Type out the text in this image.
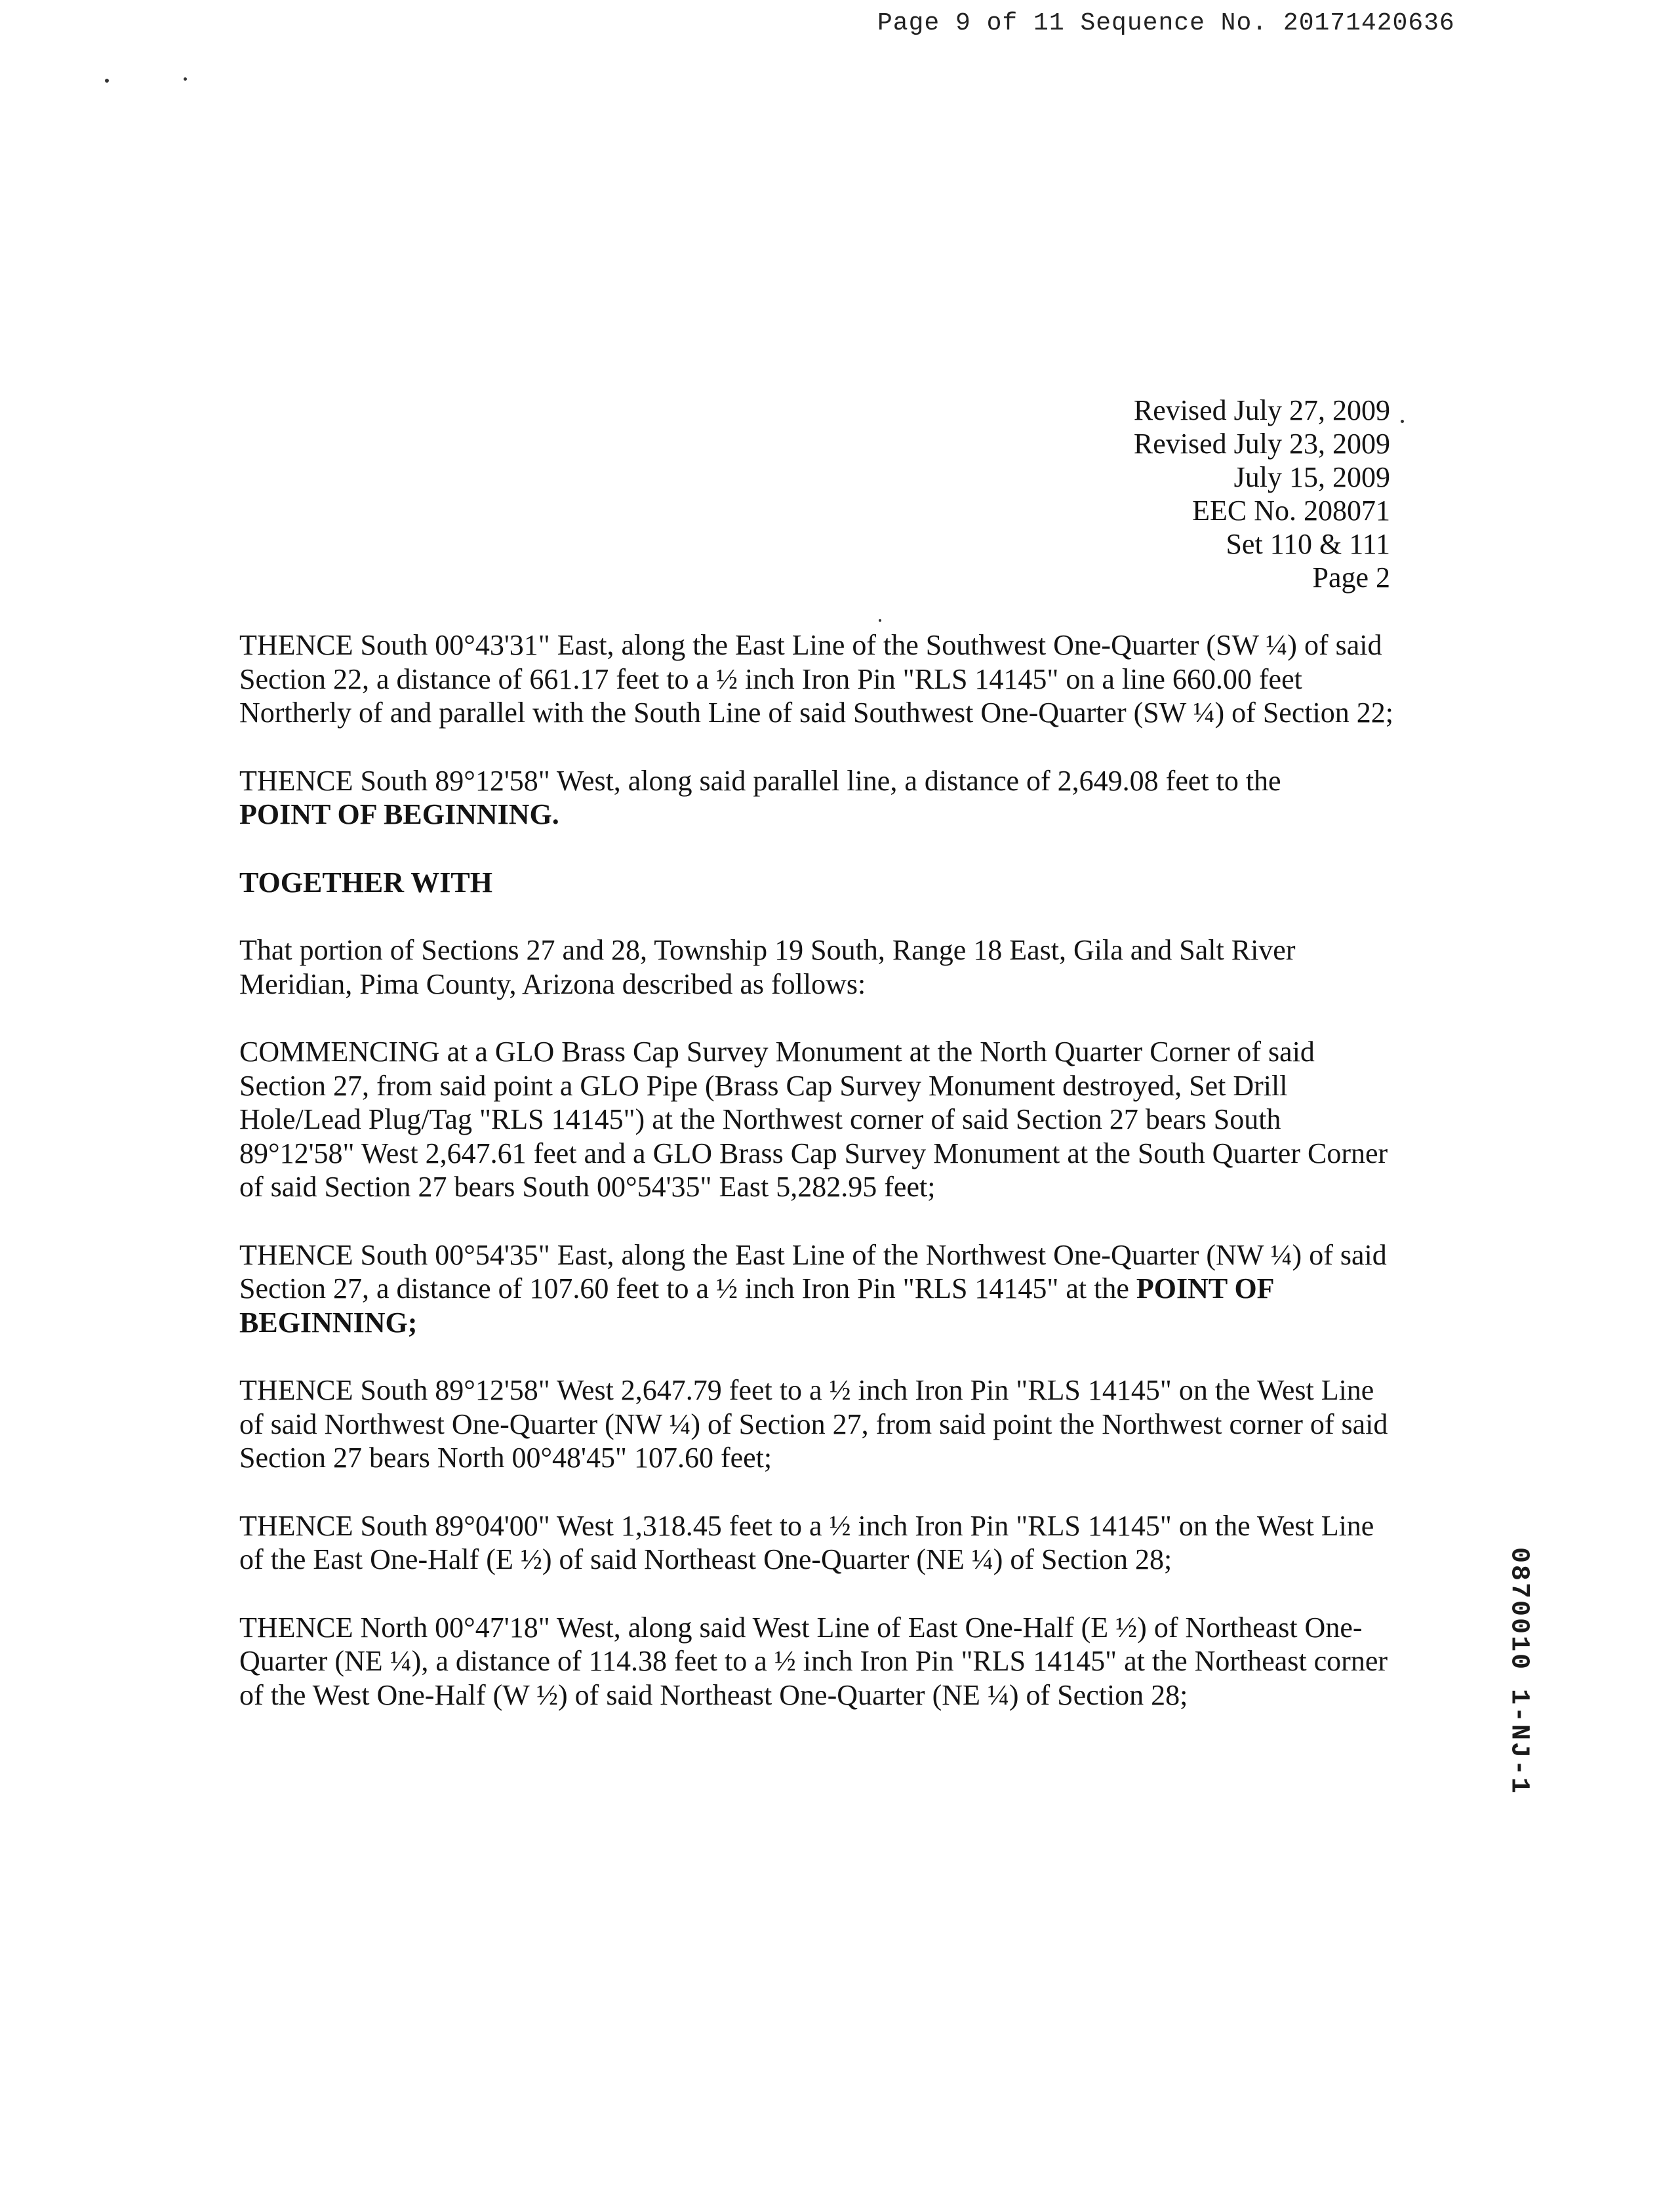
Page 9 of 11 Sequence No. 20171420636
Revised July 27, 2009
Revised July 23, 2009
July 15, 2009
EEC No. 208071
Set 110 & 111
Page 2

THENCE South 00°43'31" East, along the East Line of the Southwest One-Quarter (SW ¼) of said Section 22, a distance of 661.17 feet to a ½ inch Iron Pin "RLS 14145" on a line 660.00 feet Northerly of and parallel with the South Line of said Southwest One-Quarter (SW ¼) of Section 22;

THENCE South 89°12'58" West, along said parallel line, a distance of 2,649.08 feet to the
POINT OF BEGINNING.

TOGETHER WITH

That portion of Sections 27 and 28, Township 19 South, Range 18 East, Gila and Salt River Meridian, Pima County, Arizona described as follows:

COMMENCING at a GLO Brass Cap Survey Monument at the North Quarter Corner of said Section 27, from said point a GLO Pipe (Brass Cap Survey Monument destroyed, Set Drill Hole/Lead Plug/Tag "RLS 14145") at the Northwest corner of said Section 27 bears South 89°12'58" West 2,647.61 feet and a GLO Brass Cap Survey Monument at the South Quarter Corner of said Section 27 bears South 00°54'35" East 5,282.95 feet;

THENCE South 00°54'35" East, along the East Line of the Northwest One-Quarter (NW ¼) of said Section 27, a distance of 107.60 feet to a ½ inch Iron Pin "RLS 14145" at the POINT OF BEGINNING;

THENCE South 89°12'58" West 2,647.79 feet to a ½ inch Iron Pin "RLS 14145" on the West Line of said Northwest One-Quarter (NW ¼) of Section 27, from said point the Northwest corner of said Section 27 bears North 00°48'45" 107.60 feet;

THENCE South 89°04'00" West 1,318.45 feet to a ½ inch Iron Pin "RLS 14145" on the West Line of the East One-Half (E ½) of said Northeast One-Quarter (NE ¼) of Section 28;

THENCE North 00°47'18" West, along said West Line of East One-Half (E ½) of Northeast One-Quarter (NE ¼), a distance of 114.38 feet to a ½ inch Iron Pin "RLS 14145" at the Northeast corner of the West One-Half (W ½) of said Northeast One-Quarter (NE ¼) of Section 28;	0870010 1-NJ-1
